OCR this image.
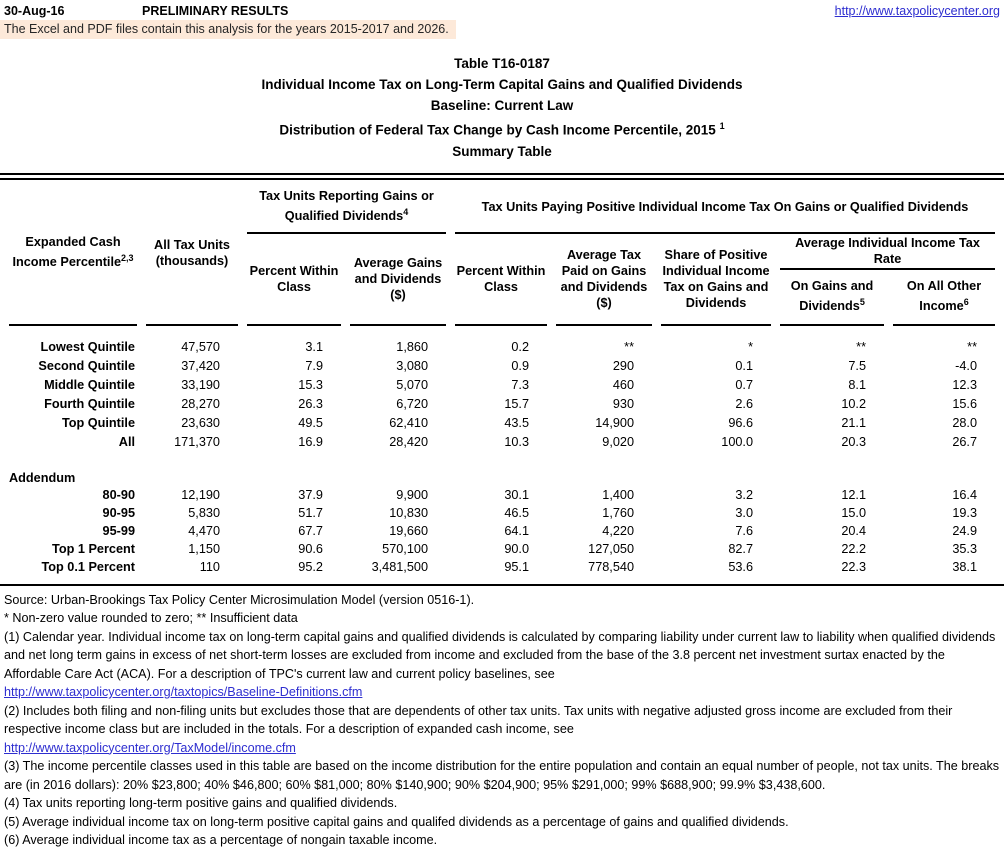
30-Aug-16	PRELIMINARY RESULTS	http://www.taxpolicycenter.org
The Excel and PDF files contain this analysis for the years 2015-2017 and 2026.
Table T16-0187
Individual Income Tax on Long-Term Capital Gains and Qualified Dividends
Baseline: Current Law
Distribution of Federal Tax Change by Cash Income Percentile, 2015 $^1$
Summary Table
Expanded Cash Income Percentile$^{2,3}$	All Tax Units (thousands)	Tax Units Reporting Gains or Qualified Dividends$^4$		Tax Units Paying Positive Individual Income Tax On Gains or Qualified Dividends				
		Percent Within Class	Average Gains and Dividends ($)	Percent Within Class	Average Tax Paid on Gains and Dividends ($)	Share of Positive Individual Income Tax on Gains and Dividends	Average Individual Income Tax Rate	
							On Gains and Dividends$^5$	On All Other Income$^6$

Lowest Quintile	47,570	3.1	1,860	0.2	**	*	**	**
Second Quintile	37,420	7.9	3,080	0.9	290	0.1	7.5	-4.0
Middle Quintile	33,190	15.3	5,070	7.3	460	0.7	8.1	12.3
Fourth Quintile	28,270	26.3	6,720	15.7	930	2.6	10.2	15.6
Top Quintile	23,630	49.5	62,410	43.5	14,900	96.6	21.1	28.0
All	171,370	16.9	28,420	10.3	9,020	100.0	20.3	26.7

Addendum								
80-90	12,190	37.9	9,900	30.1	1,400	3.2	12.1	16.4
90-95	5,830	51.7	10,830	46.5	1,760	3.0	15.0	19.3
95-99	4,470	67.7	19,660	64.1	4,220	7.6	20.4	24.9
Top 1 Percent	1,150	90.6	570,100	90.0	127,050	82.7	22.2	35.3
Top 0.1 Percent	110	95.2	3,481,500	95.1	778,540	53.6	22.3	38.1
Source: Urban-Brookings Tax Policy Center Microsimulation Model (version 0516-1).
* Non-zero value rounded to zero; ** Insufficient data
(1) Calendar year. Individual income tax on long-term capital gains and qualified dividends is calculated by comparing liability under current law to liability when qualified dividends and net long term gains in excess of net short-term losses are excluded from income and excluded from the base of the 3.8 percent net investment surtax enacted by the Affordable Care Act (ACA). For a description of TPC's current law and current policy baselines, see
http://www.taxpolicycenter.org/taxtopics/Baseline-Definitions.cfm
(2) Includes both filing and non-filing units but excludes those that are dependents of other tax units. Tax units with negative adjusted gross income are excluded from their respective income class but are included in the totals. For a description of expanded cash income, see
http://www.taxpolicycenter.org/TaxModel/income.cfm
(3) The income percentile classes used in this table are based on the income distribution for the entire population and contain an equal number of people, not tax units. The breaks are (in 2016 dollars): 20% $23,800; 40% $46,800; 60% $81,000; 80% $140,900; 90% $204,900; 95% $291,000; 99% $688,900; 99.9% $3,438,600.
(4) Tax units reporting long-term positive gains and qualified dividends.
(5) Average individual income tax on long-term positive capital gains and qualifed dividends as a percentage of gains and qualified dividends.
(6) Average individual income tax as a percentage of nongain taxable income.
